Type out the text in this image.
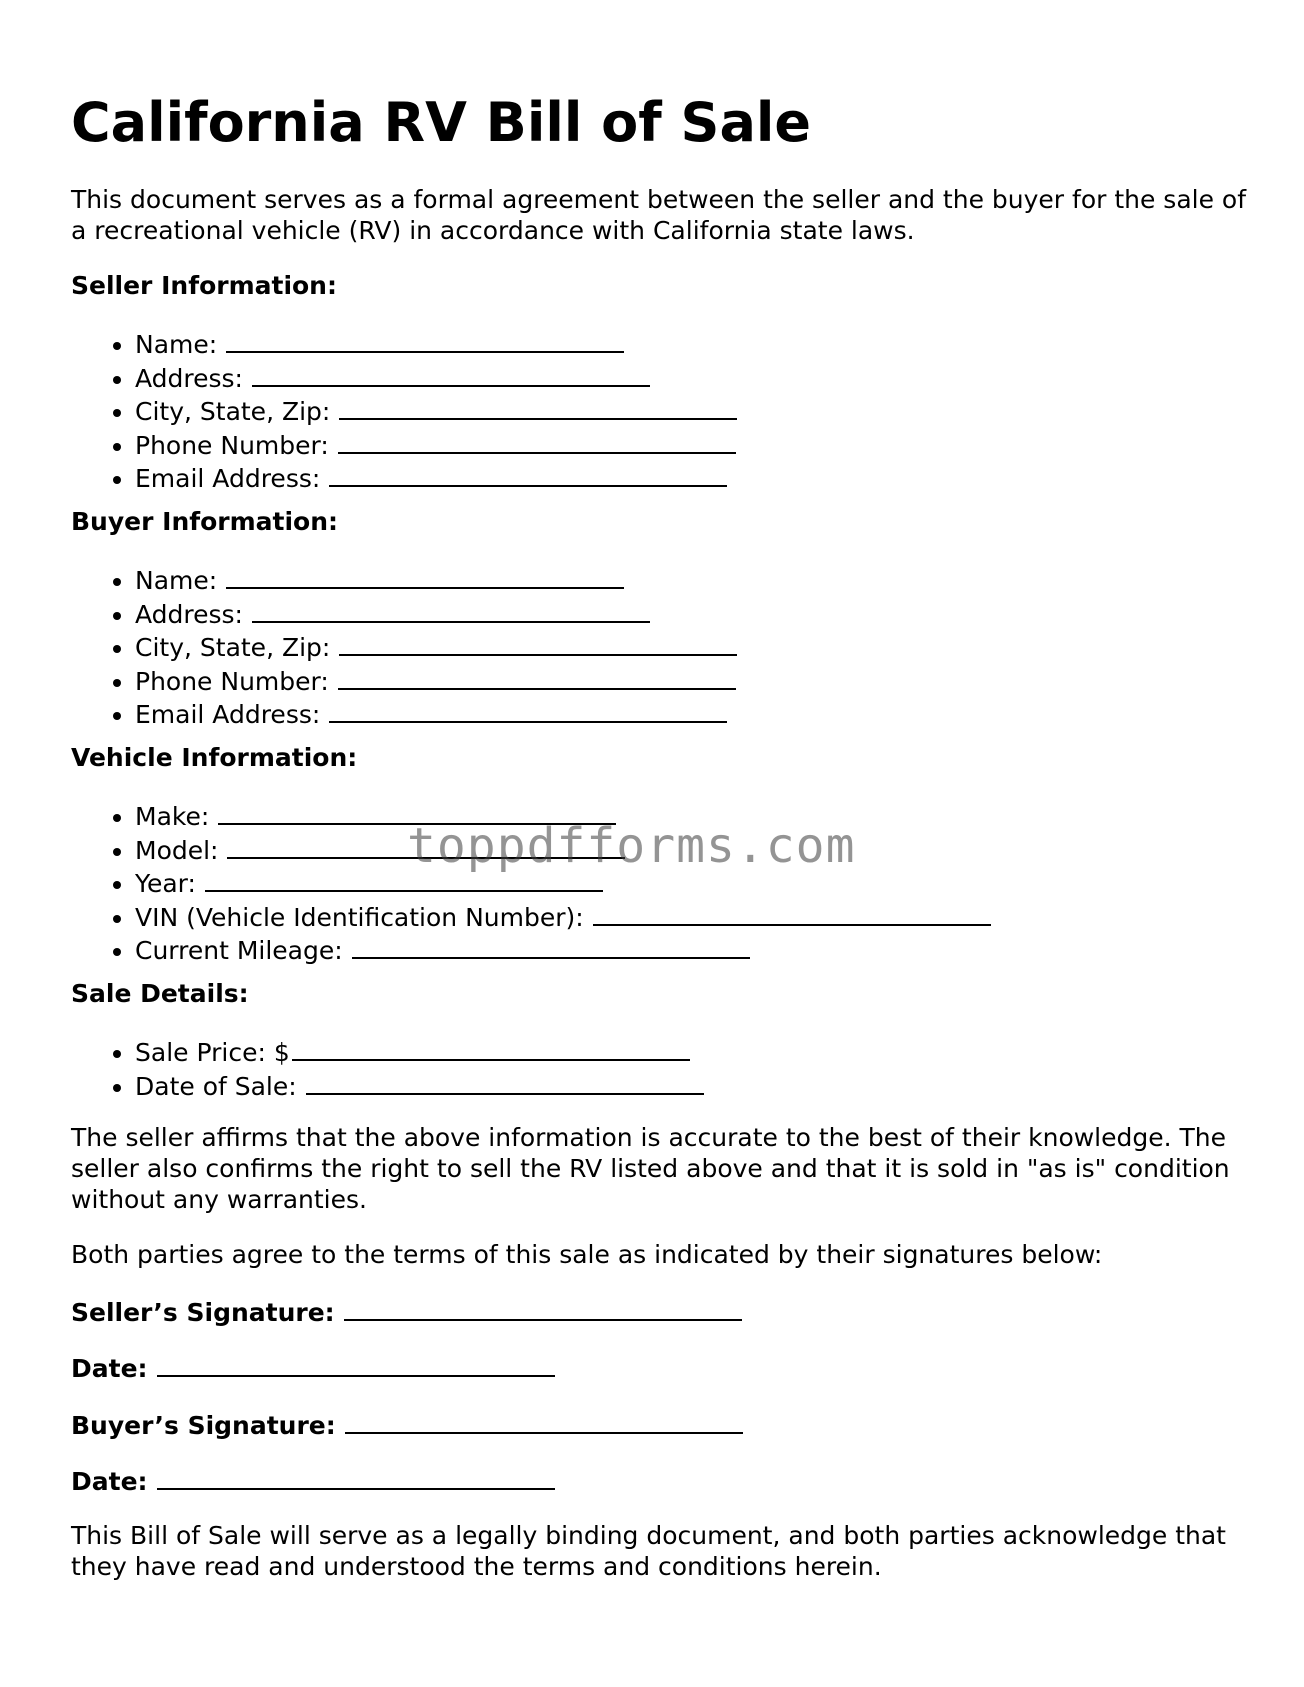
California RV Bill of Sale

This document serves as a formal agreement between the seller and the buyer for the sale of a recreational vehicle (RV) in accordance with California state laws.

Seller Information:

• Name:
• Address:
• City, State, Zip:
• Phone Number:
• Email Address:

Buyer Information:

• Name:
• Address:
• City, State, Zip:
• Phone Number:
• Email Address:

Vehicle Information:

• Make:
• Model:
• Year:
• VIN (Vehicle Identification Number):
• Current Mileage:

Sale Details:

• Sale Price: $
• Date of Sale:

The seller affirms that the above information is accurate to the best of their knowledge. The seller also confirms the right to sell the RV listed above and that it is sold in "as is" condition without any warranties.

Both parties agree to the terms of this sale as indicated by their signatures below:

Seller’s Signature:

Date:

Buyer’s Signature:

Date:

This Bill of Sale will serve as a legally binding document, and both parties acknowledge that they have read and understood the terms and conditions herein.

toppdfforms.com
